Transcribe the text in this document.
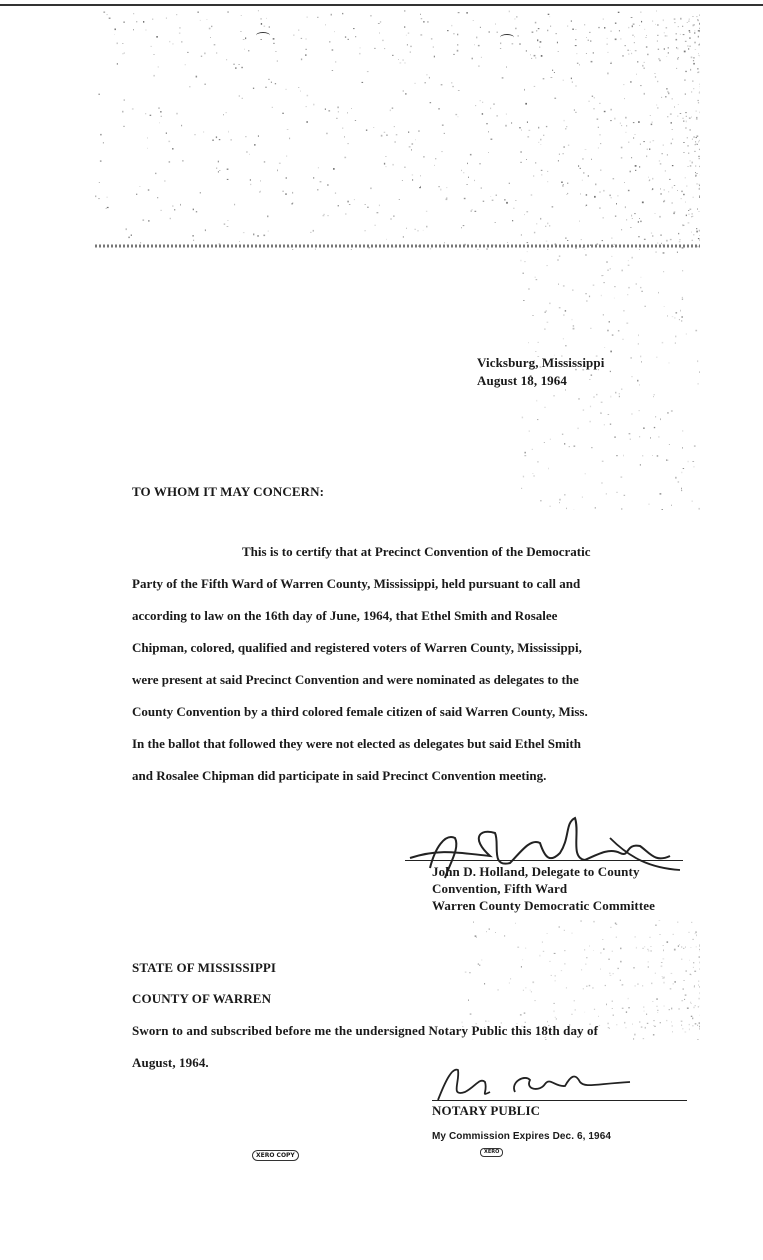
Vicksburg, Mississippi
August 18, 1964
TO WHOM IT MAY CONCERN:
This is to certify that at Precinct Convention of the Democratic
Party of the Fifth Ward of Warren County, Mississippi, held pursuant to call and
according to law on the 16th day of June, 1964, that Ethel Smith and Rosalee
Chipman, colored, qualified and registered voters of Warren County, Mississippi,
were present at said Precinct Convention and were nominated as delegates to the
County Convention by a third colored female citizen of said Warren County, Miss.
In the ballot that followed they were not elected as delegates but said Ethel Smith
and Rosalee Chipman did participate in said Precinct Convention meeting.
John D. Holland, Delegate to County
Convention, Fifth Ward
Warren County Democratic Committee
STATE OF MISSISSIPPI
COUNTY OF WARREN
Sworn to and subscribed before me the undersigned Notary Public this 18th day of
August, 1964.
NOTARY PUBLIC
My Commission Expires Dec. 6, 1964
XERO COPY	XERO
